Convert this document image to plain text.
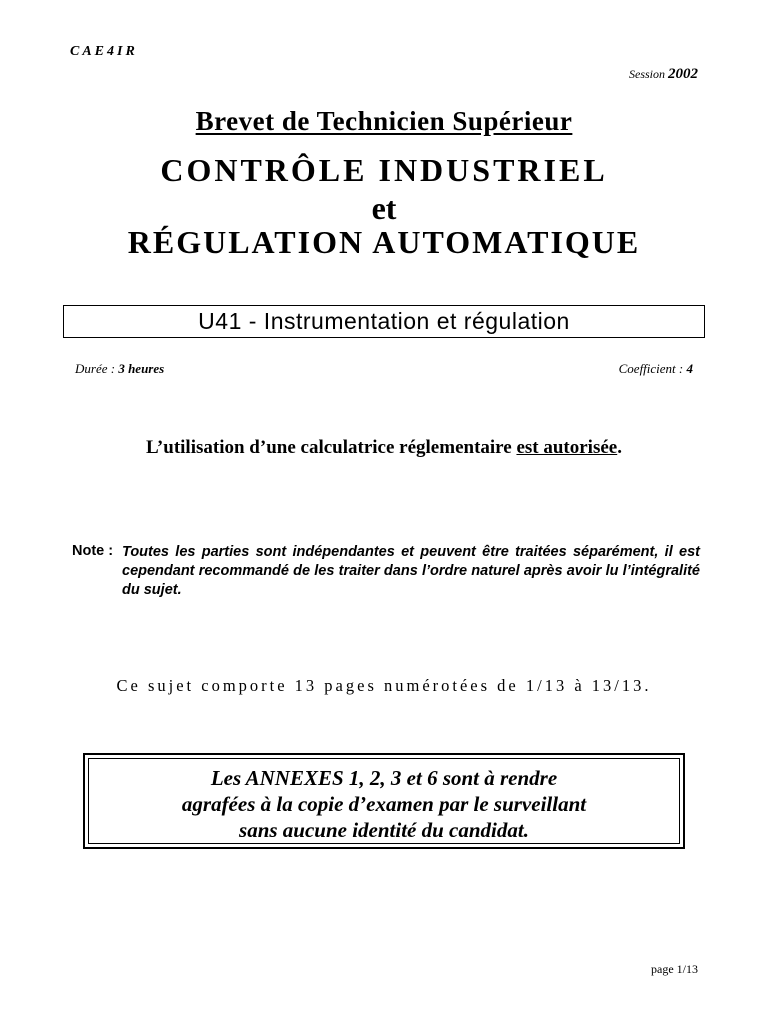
CAE4IR
Session 2002
Brevet de Technicien Supérieur
CONTRÔLE INDUSTRIEL
et
RÉGULATION AUTOMATIQUE
U41 - Instrumentation et régulation
Durée : 3 heures	Coefficient : 4
L’utilisation d’une calculatrice réglementaire est autorisée.
Note : Toutes les parties sont indépendantes et peuvent être traitées séparément, il est cependant recommandé de les traiter dans l’ordre naturel après avoir lu l’intégralité du sujet.
Ce sujet comporte 13 pages numérotées de 1/13 à 13/13.
Les ANNEXES 1, 2, 3 et 6 sont à rendre
agrafées à la copie d’examen par le surveillant
sans aucune identité du candidat.
page 1/13
